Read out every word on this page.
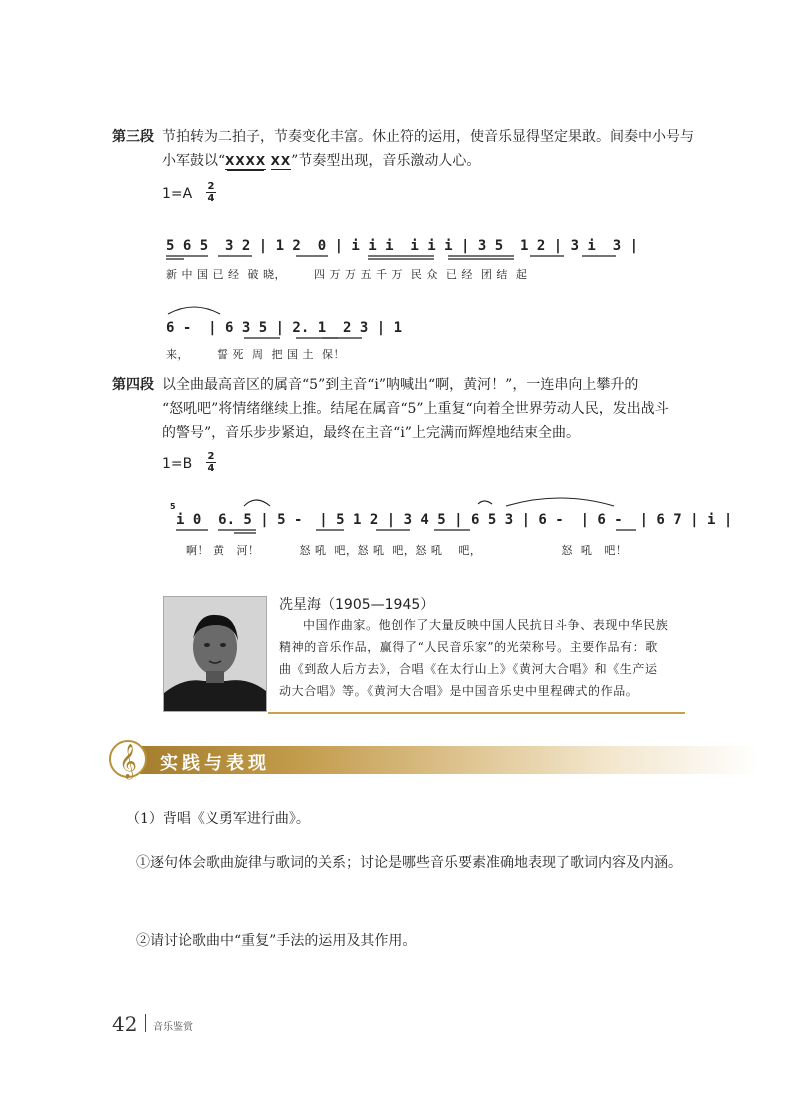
第三段 节拍转为二拍子，节奏变化丰富。休止符的运用，使音乐显得坚定果敢。间奏中小号与
小军鼓以“XXXX XX”节奏型出现，音乐激动人心。
1=A 2
4
5 6 5  3 2 | 1 2  0 | i i i  i i i | 3 5  1 2 | 3 i  3 |
新 中 国 已 经  破 晓，       四 万 万 五 千 万  民 众  已 经  团 结  起
6 -  | 6 3 5 | 2. 1  2 3 | 1
来，       誓 死  周  把 国 土  保！
第四段 以全曲最高音区的属音“5”到主音“i”呐喊出“啊，黄河！”，一连串向上攀升的
“怒吼吧”将情绪继续上推。结尾在属音“5”上重复“向着全世界劳动人民，发出战斗
的警号”，音乐步步紧迫，最终在主音“i”上完满而辉煌地结束全曲。
1=B 2
4
5
i 0  6. 5 | 5 -  | 5 1 2 | 3 4 5 | 6 5 3 | 6 -  | 6 -  | 6 7 | i |
啊！ 黄   河！          怒 吼  吧，怒 吼  吧，怒 吼    吧，                    怒  吼   吧！
冼星海（1905—1945）
中国作曲家。他创作了大量反映中国人民抗日斗争、表现中华民族
精神的音乐作品，赢得了“人民音乐家”的光荣称号。主要作品有：歌
曲《到敌人后方去》，合唱《在太行山上》《黄河大合唱》和《生产运
动大合唱》等。《黄河大合唱》是中国音乐史中里程碑式的作品。
𝄞 实践与表现
（1）背唱《义勇军进行曲》。
①逐句体会歌曲旋律与歌词的关系；讨论是哪些音乐要素准确地表现了歌词内容及内涵。
②请讨论歌曲中“重复”手法的运用及其作用。
42 音乐鉴赏
